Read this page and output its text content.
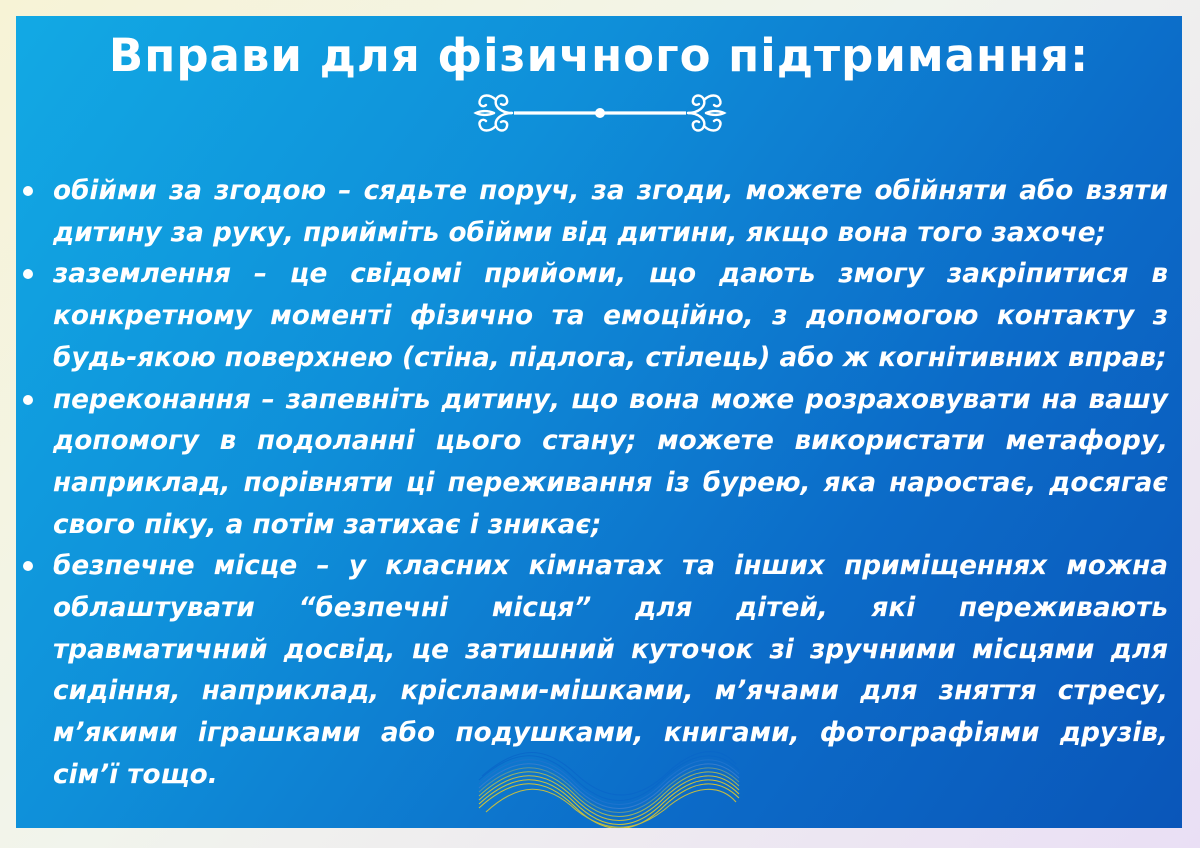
Вправи для фізичного підтримання:
обійми за згодою – сядьте поруч, за згоди, можете обійняти або взяти дитину за руку, прийміть обійми від дитини, якщо вона того захоче;
заземлення – це свідомі прийоми, що дають змогу закріпитися в конкретному моменті фізично та емоційно, з допомогою контакту з будь-якою поверхнею (стіна, підлога, стілець) або ж когнітивних вправ;
переконання – запевніть дитину, що вона може розраховувати на вашу допомогу в подоланні цього стану; можете використати метафору, наприклад, порівняти ці переживання із бурею, яка наростає, досягає свого піку, а потім затихає і зникає;
безпечне місце – у класних кімнатах та інших приміщеннях можна облаштувати “безпечні місця” для дітей, які переживають травматичний досвід, це затишний куточок зі зручними місцями для сидіння, наприклад, кріслами-мішками, м’ячами для зняття стресу, м’якими іграшками або подушками, книгами, фотографіями друзів, сім’ї тощо.
